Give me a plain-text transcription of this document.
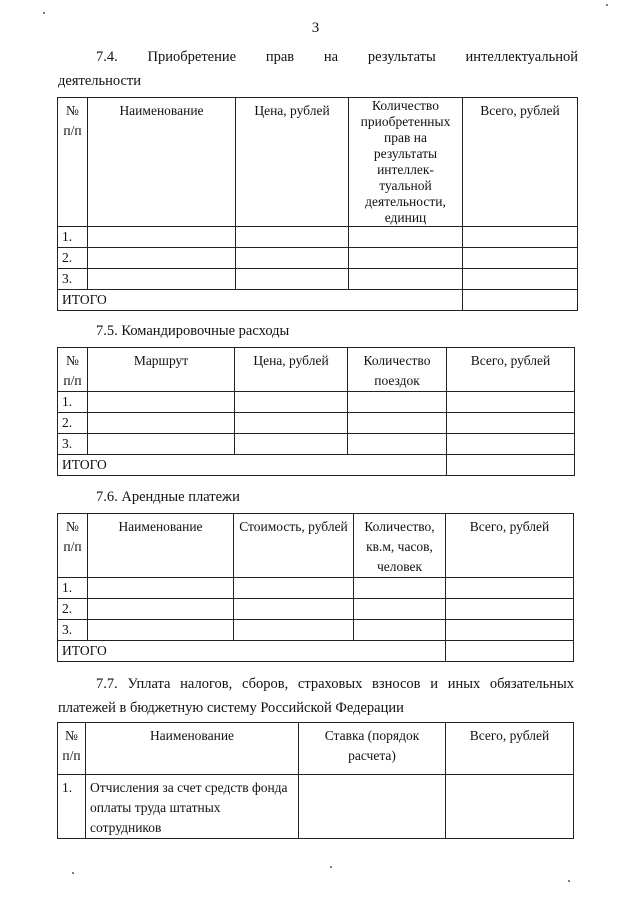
3
7.4. Приобретение прав на результаты интеллектуальной
деятельности
№ п/п	Наименование	Цена, рублей	Количество приобретенных прав на результаты интеллек-туальной деятельности, единиц	Всего, рублей
1.				
2.				
3.				
ИТОГО				
7.5. Командировочные расходы
№ п/п	Маршрут	Цена, рублей	Количество поездок	Всего, рублей
1.				
2.				
3.				
ИТОГО				
7.6. Арендные платежи
№ п/п	Наименование	Стоимость, рублей	Количество, кв.м, часов, человек	Всего, рублей
1.				
2.				
3.				
ИТОГО				
7.7. Уплата налогов, сборов, страховых взносов и иных обязательных
платежей в бюджетную систему Российской Федерации
№ п/п	Наименование	Ставка (порядок расчета)	Всего, рублей
1.	Отчисления за счет средств фонда оплаты труда штатных сотрудников		
